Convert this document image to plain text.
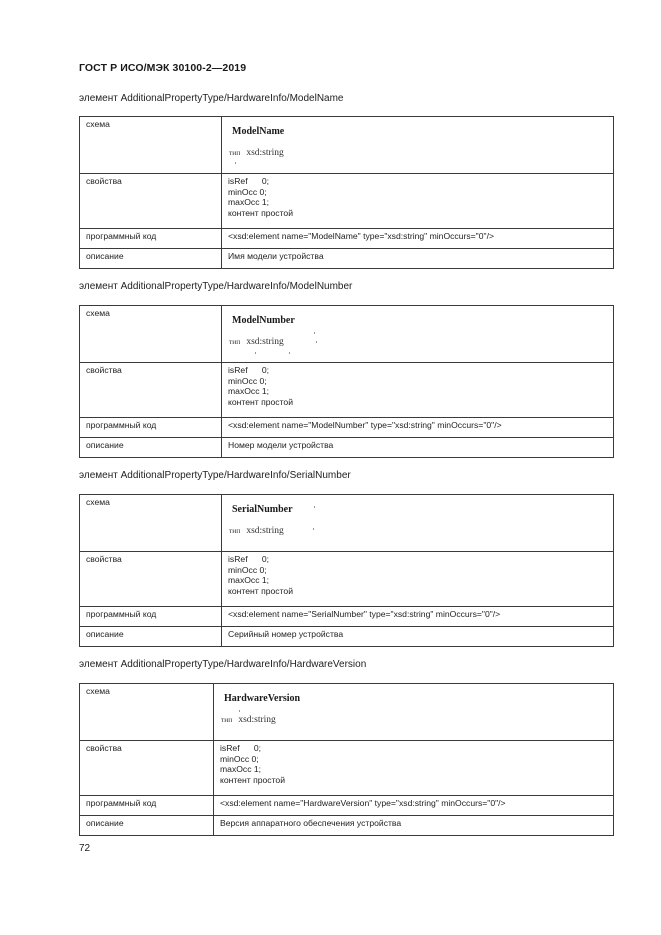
ГОСТ Р ИСО/МЭК 30100-2—2019
элемент AdditionalPropertyType/HardwareInfo/ModelName
схема	ModelName
тип xsd:string

свойства	isRef      0;
minOcc 0;
maxOcc 1;
контент простой

программный код	<xsd:element name="ModelName" type="xsd:string" minOccurs="0"/>
описание	Имя модели устройства
элемент AdditionalPropertyType/HardwareInfo/ModelNumber
схема	ModelNumber
тип xsd:string

свойства	isRef      0;
minOcc 0;
maxOcc 1;
контент простой

программный код	<xsd:element name="ModelNumber" type="xsd:string" minOccurs="0"/>
описание	Номер модели устройства
элемент AdditionalPropertyType/HardwareInfo/SerialNumber
схема	SerialNumber
тип xsd:string

свойства	isRef      0;
minOcc 0;
maxOcc 1;
контент простой

программный код	<xsd:element name="SerialNumber" type="xsd:string" minOccurs="0"/>
описание	Серийный номер устройства
элемент AdditionalPropertyType/HardwareInfo/HardwareVersion
схема	HardwareVersion
тип xsd:string

свойства	isRef      0;
minOcc 0;
maxOcc 1;
контент простой

программный код	<xsd:element name="HardwareVersion" type="xsd:string" minOccurs="0"/>
описание	Версия аппаратного обеспечения устройства
72
